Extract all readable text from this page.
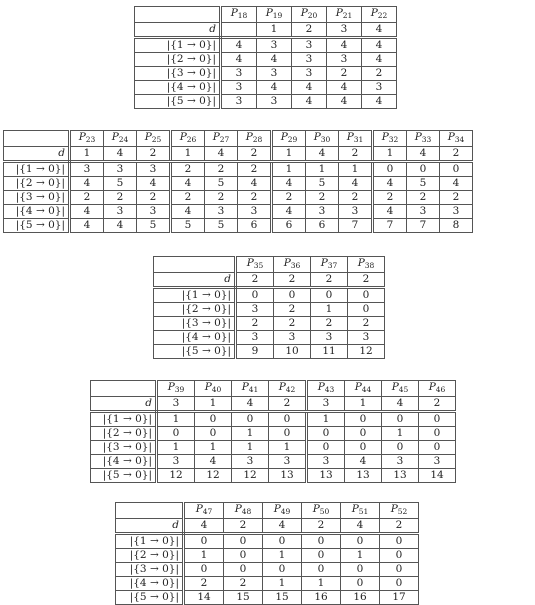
	$P_{18}$	$P_{19}$	$P_{20}$	$P_{21}$	$P_{22}$
d		1	2	3	4
|{1 → 0}|	4	3	3	4	4
|{2 → 0}|	4	4	3	3	4
|{3 → 0}|	3	3	3	2	2
|{4 → 0}|	3	4	4	4	3
|{5 → 0}|	3	3	4	4	4
	$P_{23}$	$P_{24}$	$P_{25}$	$P_{26}$	$P_{27}$	$P_{28}$	$P_{29}$	$P_{30}$	$P_{31}$	$P_{32}$	$P_{33}$	$P_{34}$
d	1	4	2	1	4	2	1	4	2	1	4	2
|{1 → 0}|	3	3	3	2	2	2	1	1	1	0	0	0
|{2 → 0}|	4	5	4	4	5	4	4	5	4	4	5	4
|{3 → 0}|	2	2	2	2	2	2	2	2	2	2	2	2
|{4 → 0}|	4	3	3	4	3	3	4	3	3	4	3	3
|{5 → 0}|	4	4	5	5	5	6	6	6	7	7	7	8
	$P_{35}$	$P_{36}$	$P_{37}$	$P_{38}$
d	2	2	2	2
|{1 → 0}|	0	0	0	0
|{2 → 0}|	3	2	1	0
|{3 → 0}|	2	2	2	2
|{4 → 0}|	3	3	3	3
|{5 → 0}|	9	10	11	12
	$P_{39}$	$P_{40}$	$P_{41}$	$P_{42}$	$P_{43}$	$P_{44}$	$P_{45}$	$P_{46}$
d	3	1	4	2	3	1	4	2
|{1 → 0}|	1	0	0	0	1	0	0	0
|{2 → 0}|	0	0	1	0	0	0	1	0
|{3 → 0}|	1	1	1	1	0	0	0	0
|{4 → 0}|	3	4	3	3	3	4	3	3
|{5 → 0}|	12	12	12	13	13	13	13	14
	$P_{47}$	$P_{48}$	$P_{49}$	$P_{50}$	$P_{51}$	$P_{52}$
d	4	2	4	2	4	2
|{1 → 0}|	0	0	0	0	0	0
|{2 → 0}|	1	0	1	0	1	0
|{3 → 0}|	0	0	0	0	0	0
|{4 → 0}|	2	2	1	1	0	0
|{5 → 0}|	14	15	15	16	16	17
